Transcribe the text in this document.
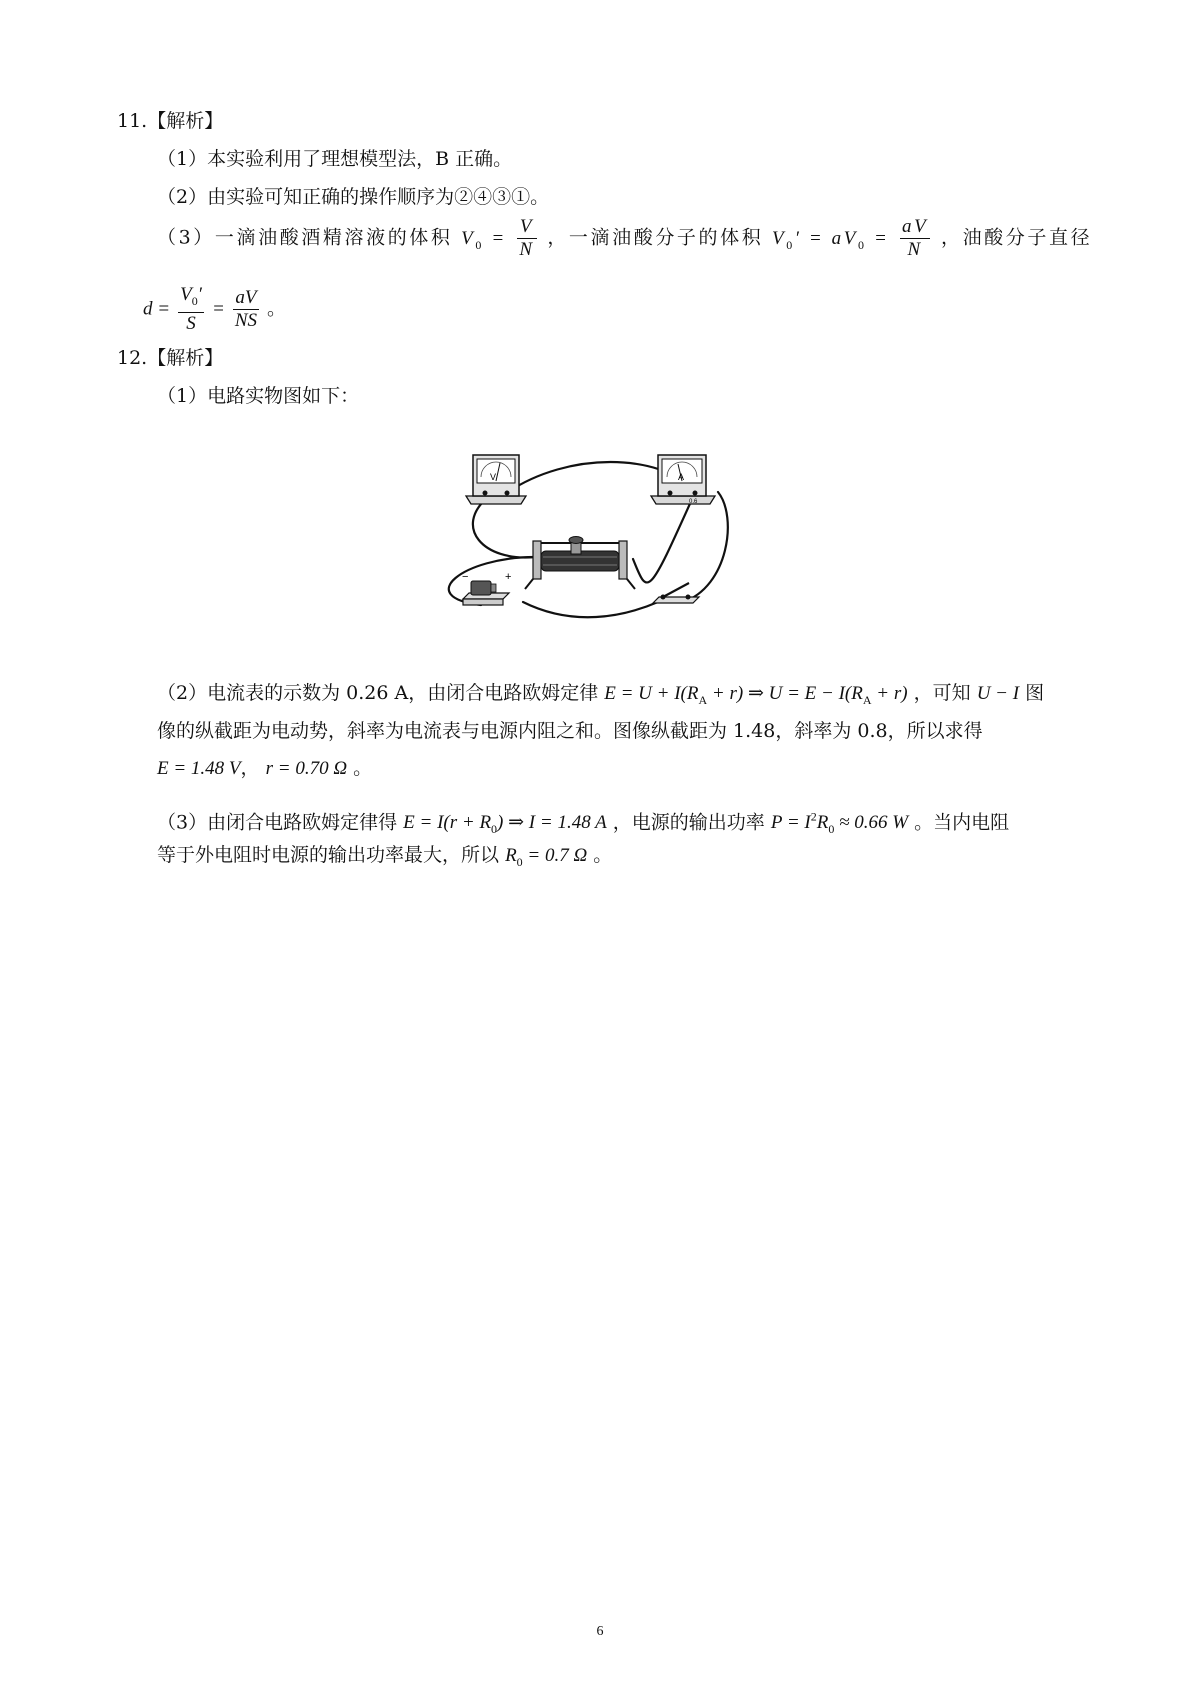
11.【解析】
（1）本实验利用了理想模型法，B 正确。
（2）由实验可知正确的操作顺序为②④③①。
（3）一滴油酸酒精溶液的体积 $V_0 = \frac{V}{N}$ ，一滴油酸分子的体积 $V_0' = aV_0 = \frac{aV}{N}$ ，油酸分子直径
$d = \frac{V_0'}{S} = \frac{aV}{NS}$ 。
12.【解析】
（1）电路实物图如下：
V	A
0.6
−	+
（2）电流表的示数为 0.26 A，由闭合电路欧姆定律 $E = U + I(R_A + r)$ ⇒ $U = E - I(R_A + r)$ ，可知 U − I 图
像的纵截距为电动势，斜率为电流表与电源内阻之和。图像纵截距为 1.48，斜率为 0.8，所以求得
E = 1.48 V， r = 0.70 Ω 。
（3）由闭合电路欧姆定律得 $E = I(r + R_0)$ ⇒ I = 1.48 A ，电源的输出功率 $P = I^2R_0 \approx 0.66$ W 。当内电阻
等于外电阻时电源的输出功率最大，所以 $R_0 = 0.7$ Ω 。
6
